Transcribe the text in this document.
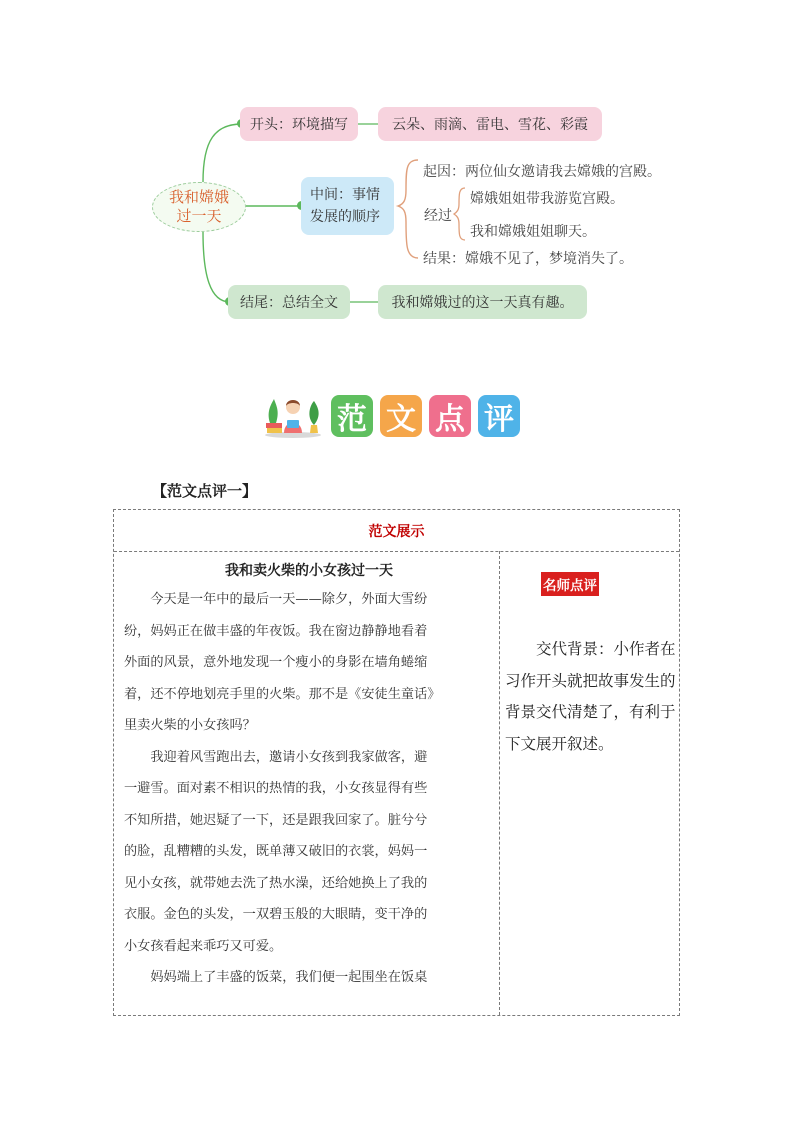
我和嫦娥
过一天
开头：环境描写	云朵、雨滴、雷电、雪花、彩霞
中间：事情
发展的顺序
起因：两位仙女邀请我去嫦娥的宫殿。
经过
嫦娥姐姐带我游览宫殿。
我和嫦娥姐姐聊天。
结果：嫦娥不见了，梦境消失了。
结尾：总结全文	我和嫦娥过的这一天真有趣。
范 文 点 评
【范文点评一】
范文展示
我和卖火柴的小女孩过一天
　　今天是一年中的最后一天——除夕，外面大雪纷
纷，妈妈正在做丰盛的年夜饭。我在窗边静静地看着
外面的风景，意外地发现一个瘦小的身影在墙角蜷缩
着，还不停地划亮手里的火柴。那不是《安徒生童话》
里卖火柴的小女孩吗？
　　我迎着风雪跑出去，邀请小女孩到我家做客，避
一避雪。面对素不相识的热情的我，小女孩显得有些
不知所措，她迟疑了一下，还是跟我回家了。脏兮兮
的脸，乱糟糟的头发，既单薄又破旧的衣裳，妈妈一
见小女孩，就带她去洗了热水澡，还给她换上了我的
衣服。金色的头发，一双碧玉般的大眼睛，变干净的
小女孩看起来乖巧又可爱。
　　妈妈端上了丰盛的饭菜，我们便一起围坐在饭桌
名师点评
交代背景：小作者在习作开头就把故事发生的背景交代清楚了，有利于下文展开叙述。
